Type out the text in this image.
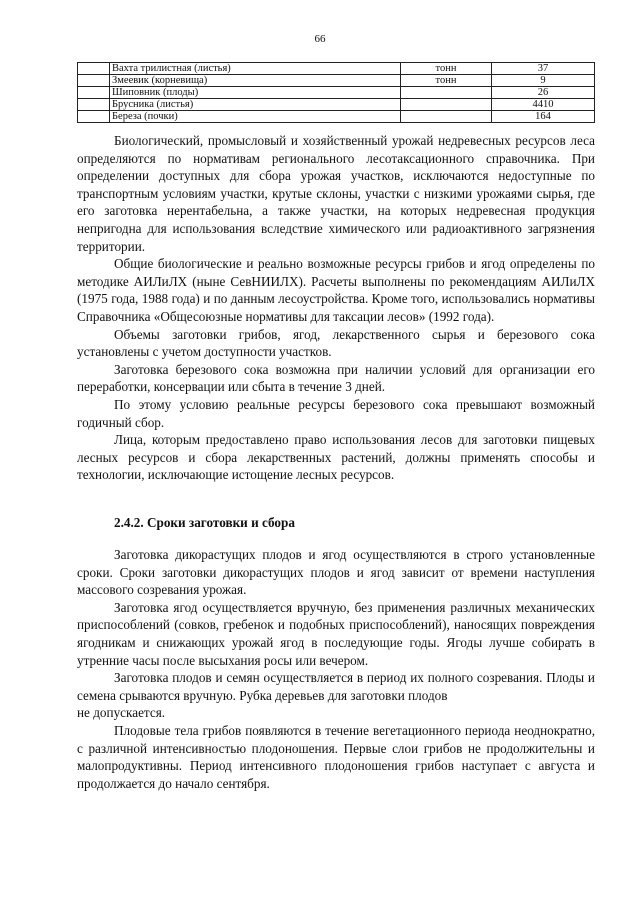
66
	Вахта трилистная (листья)	тонн	37
	Змеевик (корневища)	тонн	9
	Шиповник (плоды)		26
	Брусника (листья)		4410
	Береза (почки)		164

Биологический, промысловый и хозяйственный урожай недревесных ресурсов леса определяются по нормативам регионального лесотаксационного справочника. При определении доступных для сбора урожая участков, исключаются недоступные по транспортным условиям участки, крутые склоны, участки с низкими урожаями сырья, где его заготовка нерентабельна, а также участки, на которых недревесная продукция непригодна для использования вследствие химического или радиоактивного загрязнения территории.

Общие биологические и реально возможные ресурсы грибов и ягод определены по методике АИЛиЛХ (ныне СевНИИЛХ). Расчеты выполнены по рекомендациям АИЛиЛХ (1975 года, 1988 года) и по данным лесоустройства. Кроме того, использовались нормативы Справочника «Общесоюзные нормативы для таксации лесов» (1992 года).

Объемы заготовки грибов, ягод, лекарственного сырья и березового сока установлены с учетом доступности участков.

Заготовка березового сока возможна при наличии условий для организации его переработки, консервации или сбыта в течение 3 дней.

По этому условию реальные ресурсы березового сока превышают возможный годичный сбор.

Лица, которым предоставлено право использования лесов для заготовки пищевых лесных ресурсов и сбора лекарственных растений, должны применять способы и технологии, исключающие истощение лесных ресурсов.

2.4.2. Сроки заготовки и сбора

Заготовка дикорастущих плодов и ягод осуществляются в строго установленные сроки. Сроки заготовки дикорастущих плодов и ягод зависит от времени наступления массового созревания урожая.

Заготовка ягод осуществляется вручную, без применения различных механических приспособлений (совков, гребенок и подобных приспособлений), наносящих повреждения ягодникам и снижающих урожай ягод в последующие годы. Ягоды лучше собирать в утренние часы после высыхания росы или вечером.

Заготовка плодов и семян осуществляется в период их полного созревания. Плоды и семена срываются вручную. Рубка деревьев для заготовки плодов

не допускается.

Плодовые тела грибов появляются в течение вегетационного периода неоднократно, с различной интенсивностью плодоношения. Первые слои грибов не продолжительны и малопродуктивны. Период интенсивного плодоношения грибов наступает с августа и продолжается до начало сентября.
